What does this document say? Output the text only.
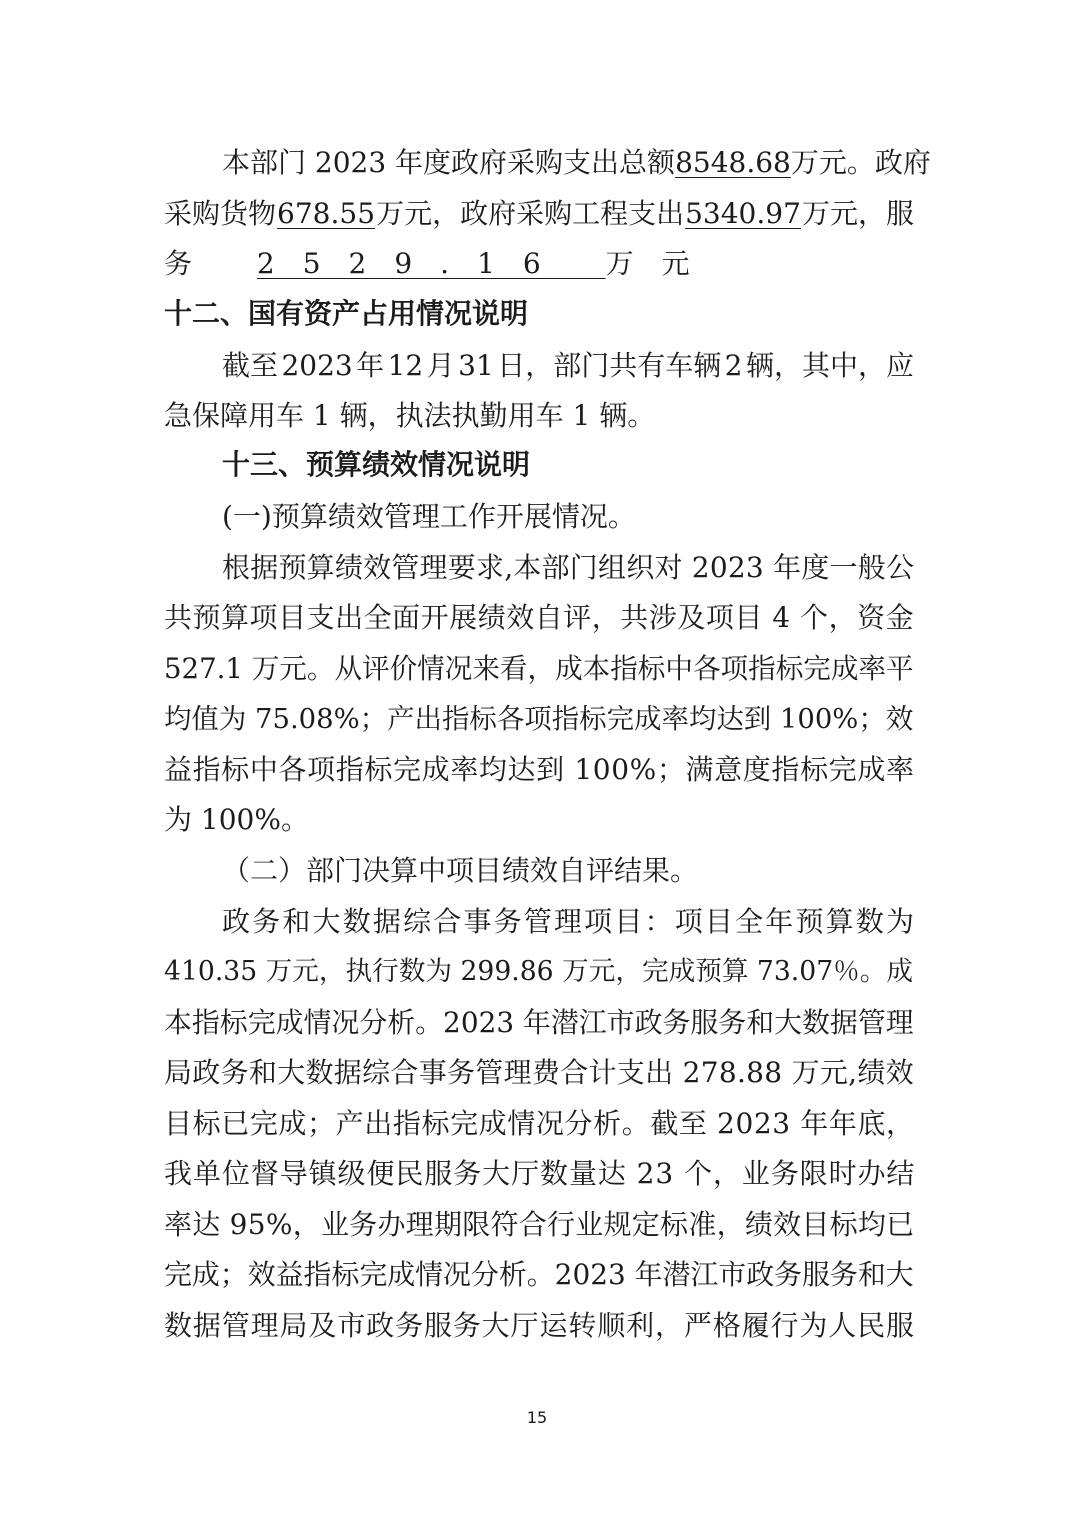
本部门 2023 年度政府采购支出总额 8548.68 万元。政府
采购货物 678.55 万元，政府采购工程支出 5340.97 万元，服
务 2529.16 万元
十二、国有资产占用情况说明
截至 2023 年 12 月 31 日，部门共有车辆 2 辆，其中，应
急保障用车 1 辆，执法执勤用车 1 辆。
十三、预算绩效情况说明
(一)预算绩效管理工作开展情况。
根据预算绩效管理要求,本部门组织对 2023 年度一般公
共预算项目支出全面开展绩效自评，共涉及项目 4 个，资金
527.1 万元。从评价情况来看，成本指标中各项指标完成率平
均值为 75.08%；产出指标各项指标完成率均达到 100%；效
益指标中各项指标完成率均达到 100%；满意度指标完成率
为 100%。
（二）部门决算中项目绩效自评结果。
政务和大数据综合事务管理项目：项目全年预算数为
410.35 万元，执行数为 299.86 万元，完成预算 73.07％。成
本指标完成情况分析。2023 年潜江市政务服务和大数据管理
局政务和大数据综合事务管理费合计支出 278.88 万元,绩效
目标已完成；产出指标完成情况分析。截至 2023 年年底，
我单位督导镇级便民服务大厅数量达 23 个，业务限时办结
率达 95%，业务办理期限符合行业规定标准，绩效目标均已
完成；效益指标完成情况分析。2023 年潜江市政务服务和大
数据管理局及市政务服务大厅运转顺利，严格履行为人民服
15
